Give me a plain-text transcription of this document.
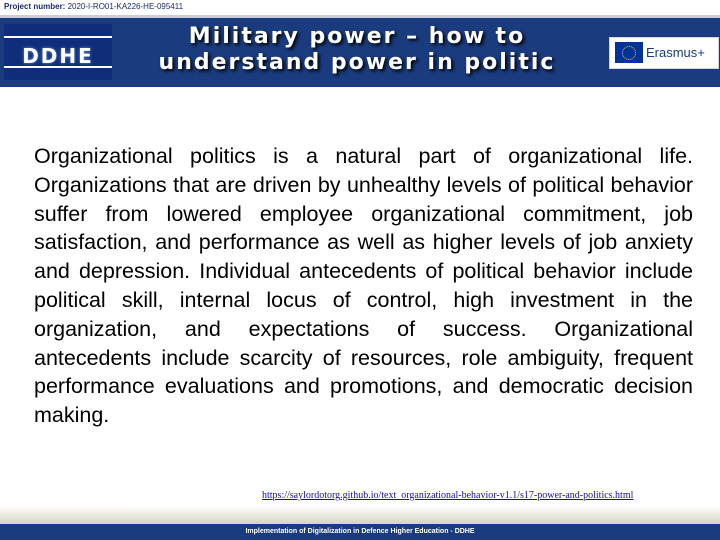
Project number: 2020-I-RO01-KA226-HE-095411
DDHE
Military power – how to understand power in politic	Erasmus+

Organizational politics is a natural part of organizational life. Organizations that are driven by unhealthy levels of political behavior suffer from lowered employee organizational commitment, job satisfaction, and performance as well as higher levels of job anxiety and depression. Individual antecedents of political behavior include political skill, internal locus of control, high investment in the organization, and expectations of success. Organizational antecedents include scarcity of resources, role ambiguity, frequent performance evaluations and promotions, and democratic decision making.

https://saylordotorg.github.io/text_organizational-behavior-v1.1/s17-power-and-politics.html
Implementation of Digitalization in Defence Higher Education - DDHE
